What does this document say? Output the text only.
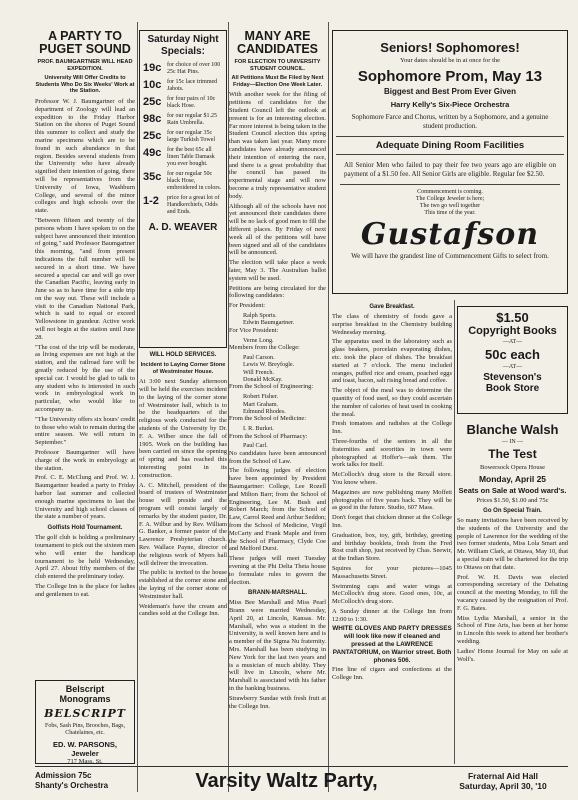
A PARTY TO PUGET SOUND
PROF. BAUMGARTNER WILL HEAD EXPEDITION.
University Will Offer Credits to Students Who Do Six Weeks' Work at the Station.

Professor W. J. Baumgartner of the department of Zoology will lead an expedition to the Friday Harbor Station on the shores of Puget Sound this summer to collect and study the marine specimens which are to be found in such abundance in that region. Besides several students from the University who have already signified their intention of going, there will be representatives from the University of Iowa, Washburn College, and several of the minor colleges and high schools over the state.

"Between fifteen and twenty of the persons whom I have spoken to on the subject have announced their intention of going," said Professor Baumgartner this morning, "and from present indications the full number will be secured in a short time. We have secured a special car and will go over the Canadian Pacific, leaving early in June so as to have time for a side trip on the way out. These will include a visit to the Canadian National Park, which is said to equal or exceed Yellowstone in grandeur. Active work will not begin at the station until June 28.

"The cost of the trip will be moderate, as living expenses are not high at the station, and the railroad fare will be greatly reduced by the use of the special car. I would be glad to talk to any student who is interested in such work in embryological work in particular, who would like to accompany us.

"The University offers six hours' credit to those who wish to remain during the entire season. We will return in September."

Professor Baumgartner will have charge of the work in embryology at the station.

Prof. C. E. McClung and Prof. W. J. Baumgartner headed a party to Friday harbor last summer and collected enough marine specimens to last the University and high school classes of the state a number of years.

Golfists Hold Tournament.

The golf club is holding a preliminary tournament to pick out the sixteen men who will enter the handicap tournament to be held Wednesday, April 27. About fifty members of the club entered the preliminary today.

The College Inn is the place for ladies and gentlemen to eat.

Belscript Monograms
BELSCRIPT
Fobs, Sash Pins, Brooches, Bags, Chatelaines, etc.
ED. W. PARSONS, Jeweler
717 Mass. St.
Saturday Night Specials:
19c for choice of over 100 25c Hat Pins.
10c for 15c lace trimmed Jabots.
25c for four pairs of 10c black Hose.
98c for our regular $1.25 Rain Umbrella.
25c for our regular 35c large Turkish Towel
49c for the best 65c all linen Table Damask you ever bought.
35c for our regular 50c black Hose, embroidered in colors.
1-2	price for a great lot of Handkerchiefs, Odds and Ends.
A. D. WEAVER
WILL HOLD SERVICES.
Incident to Laying Corner Stone of Westminster House.

At 3:00 next Sunday afternoon will be held the exercises incident to the laying of the corner stone of Westminster hall, which is to be the headquarters of the religious work conducted for the students of the University by Dr. F. A. Wilber since the fall of 1905. Work on the building has been carried on since the opening of spring and has reached this interesting point in its construction.

A. C. Mitchell, president of the board of trustees of Westminster house will preside and the program will consist largely of remarks by the student pastor, Dr. F. A. Wilbur and by Rev. William G. Banker, a former pastor of the Lawrence Presbyterian church. Rev. Wallace Payne, director of the religious work of Myers hall will deliver the invocation.

The public is invited to the house established at the corner stone and the laying of the corner stone of Westminster hall.

Weideman's have the cream and candies sold at the College Inn.

MANY ARE CANDIDATES
FOR ELECTION TO UNIVERSITY STUDENT COUNCIL.
All Petitions Must Be Filed by Next Friday—Election One Week Later.

With another week for the filing of petitions of candidates for the Student Council left the outlook at present is for an interesting election. Far more interest is being taken in the Student Council election this spring than was taken last year. Many more candidates have already announced their intention of entering the race, and there is a great probability that the council has passed its experimental stage and will now become a truly representative student body.

Although all of the schools have not yet announced their candidates there will be no lack of good men to fill the different places. By Friday of next week all of the petitions will have been signed and all of the candidates will be announced.

The election will take place a week later, May 3. The Australian ballot system will be used.

Petitions are being circulated for the following candidates:

For President:
Ralph Sports.
Edwin Baumgartner.
For Vice President:
Verne Long.
Members from the College:
Paul Carson.
Lewis W. Breyfogle.
Will French.
Donald McKay.
From the School of Engineering:
Robert Fisher.
Mart Graham.
Edmund Rhodes.
From the School of Medicine:
I. R. Burket.
From the School of Pharmacy:
Paul Carl.

No candidates have been announced from the School of Law.

The following judges of election have been appointed by President Baumgartner: College, Lee Rozell and Milton Barr; from the School of Engineering, Lee M. Bush and Robert March; from the School of Law, Carrol Reed and Arthur Seddon; from the School of Medicine, Virgil McCarty and Frank Maple and from the School of Pharmacy, Clyde Coe and Melford Durst.

These judges will meet Tuesday evening at the Phi Delta Theta house to formulate rules to govern the election.

BRANN-MARSHALL.

Miss Bee Marshall and Miss Pearl Brann were married Wednesday, April 20, at Lincoln, Kansas. Mr. Marshall, who was a student in the University, is well known here and is a member of the Sigma Nu fraternity. Mrs. Marshall has been studying in New York for the last two years and is a musician of much ability. They will live in Lincoln, where Mr. Marshall is associated with his father in the banking business.

Strawberry Sundae with fresh fruit at the College Inn.

Seniors! Sophomores!
Your dates should be in at once for the
Sophomore Prom, May 13
Biggest and Best Prom Ever Given
Harry Kelly's Six-Piece Orchestra
Sophomore Farce and Chorus, written by a Sophomore, and a genuine student production.
Adequate Dining Room Facilities
All Senior Men who failed to pay their fee two years ago are eligible on payment of a $1.50 fee. All Senior Girls are eligible. Regular fee $2.50.
Commencement is coming.
The College Jeweler is here;
The two go well together
This time of the year.
Gustafson
We will have the grandest line of Commencement Gifts to select from.
Gave Breakfast.

The class of chemistry of foods gave a surprise breakfast in the Chemistry building Wednesday morning.

The apparatus used in the laboratory such as glass beakers, porcelain evaporating dishes, etc. took the place of dishes. The breakfast started at 7 o'clock. The menu included oranges, puffed rice and cream, poached eggs and toast, bacon, salt rising bread and coffee.

The object of the meal was to determine the quantity of food used, so they could ascertain the number of calories of heat used in cooking the meal.

Fresh tomatoes and radishes at the College Inn.

Three-fourths of the seniors in all the fraternities and sororities in town were photographed at Hoffer's—ask them. The work talks for itself.

McColloch's drug store is the Rexall store. You know where.

Magazines are now publishing many Moffett photographs of five years back. They will be as good in the future. Studio, 607 Mass.

Don't forget that chicken dinner at the College Inn.

Graduation, box, toy, gift, birthday, greeting and birthday booklets, fresh from the Fred Rost craft shop, just received by Chas. Seewir, at the Indian Store.

Squires for your pictures—1045 Massachusetts Street.

Swimming caps and water wings at McColloch's drug store. Good ones, 10c, at McColloch's drug store.

A Sunday dinner at the College Inn from 12:00 to 1:30.

WHITE GLOVES AND PARTY DRESSES will look like new if cleaned and pressed at the LAWRENCE PANTATORIUM, on Warrior street. Both phones 506.

Fine line of cigars and confections at the College Inn.

$1.50
Copyright Books
—AT—
50c each
—AT—
Stevenson's
Book Store
Blanche Walsh
— IN —
The Test
Bowersock Opera House
Monday, April 25
Seats on Sale at Wood ward's.
Prices $1.50, $1.00 and 75c
Go On Special Train.

So many invitations have been received by the students of the University and the people of Lawrence for the wedding of the two former students, Miss Lola Smart and Mr. William Clark, at Ottawa, May 10, that a special train will be chartered for the trip to Ottawa on that date.

Prof. W. H. Davis was elected corresponding secretary of the Debating council at the meeting Monday, to fill the vacancy caused by the resignation of Prof. F. G. Bates.

Miss Lydia Marshall, a senior in the School of Fine Arts, has been at her home in Lincoln this week to attend her brother's wedding.

Ladies' Home Journal for May on sale at Wolf's.

Admission 75c
Shanty's Orchestra	Varsity Waltz Party,	Fraternal Aid Hall
Saturday, April 30, '10
